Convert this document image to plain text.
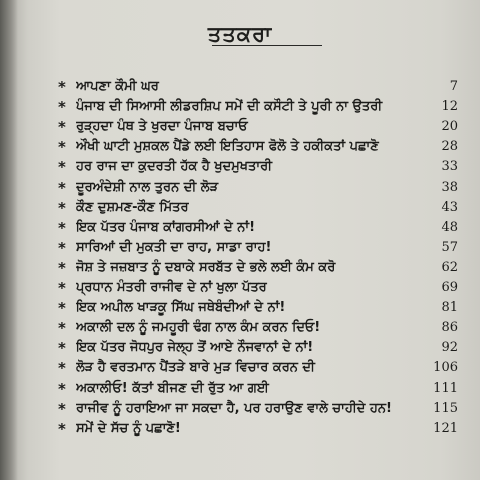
ਤਤਕਰਾ
* ਆਪਣਾ ਕੌਮੀ ਘਰ	7
* ਪੰਜਾਬ ਦੀ ਸਿਆਸੀ ਲੀਡਰਸ਼ਿਪ ਸਮੇਂ ਦੀ ਕਸੌਟੀ ਤੇ ਪੂਰੀ ਨਾ ਉਤਰੀ	12
* ਰੁੜ੍ਹਦਾ ਪੰਥ ਤੇ ਖੁਰਦਾ ਪੰਜਾਬ ਬਚਾਓ	20
* ਔਖੀ ਘਾਟੀ ਮੁਸ਼ਕਲ ਪੈਂਡੇ ਲਈ ਇਤਿਹਾਸ ਫੋਲੋ ਤੇ ਹਕੀਕਤਾਂ ਪਛਾਣੋ	28
* ਹਰ ਰਾਜ ਦਾ ਕੁਦਰਤੀ ਹੱਕ ਹੈ ਖੁਦਮੁਖਤਾਰੀ	33
* ਦੂਰਅੰਦੇਸ਼ੀ ਨਾਲ ਤੁਰਨ ਦੀ ਲੋੜ	38
* ਕੌਣ ਦੁਸ਼ਮਣ-ਕੌਣ ਮਿੱਤਰ	43
* ਇਕ ਪੱਤਰ ਪੰਜਾਬ ਕਾਂਗਰਸੀਆਂ ਦੇ ਨਾਂ!	48
* ਸਾਰਿਆਂ ਦੀ ਮੁਕਤੀ ਦਾ ਰਾਹ, ਸਾਡਾ ਰਾਹ!	57
* ਜੋਸ਼ ਤੇ ਜਜ਼ਬਾਤ ਨੂੰ ਦਬਾਕੇ ਸਰਬੱਤ ਦੇ ਭਲੇ ਲਈ ਕੰਮ ਕਰੋ	62
* ਪ੍ਰਧਾਨ ਮੰਤਰੀ ਰਾਜੀਵ ਦੇ ਨਾਂ ਖੁਲਾ ਪੱਤਰ	69
* ਇਕ ਅਪੀਲ ਖਾੜਕੂ ਸਿੱਘ ਜਥੇਬੰਦੀਆਂ ਦੇ ਨਾਂ!	81
* ਅਕਾਲੀ ਦਲ ਨੂੰ ਜਮਹੂਰੀ ਢੰਗ ਨਾਲ ਕੰਮ ਕਰਨ ਦਿਓ!	86
* ਇਕ ਪੱਤਰ ਜੋਧਪੁਰ ਜੇਲ੍ਹ ਤੋਂ ਆਏ ਨੌਜਵਾਨਾਂ ਦੇ ਨਾਂ!	92
* ਲੋੜ ਹੈ ਵਰਤਮਾਨ ਪੈਂਤੜੇ ਬਾਰੇ ਮੁੜ ਵਿਚਾਰ ਕਰਨ ਦੀ	106
* ਅਕਾਲੀਓ! ਕੱਤਾਂ ਬੀਜਣ ਦੀ ਰੁੱਤ ਆ ਗਈ	111
* ਰਾਜੀਵ ਨੂੰ ਹਰਾਇਆ ਜਾ ਸਕਦਾ ਹੈ, ਪਰ ਹਰਾਉਣ ਵਾਲੇ ਚਾਹੀਦੇ ਹਨ!	115
* ਸਮੇਂ ਦੇ ਸੱਚ ਨੂੰ ਪਛਾਣੋ!	121
